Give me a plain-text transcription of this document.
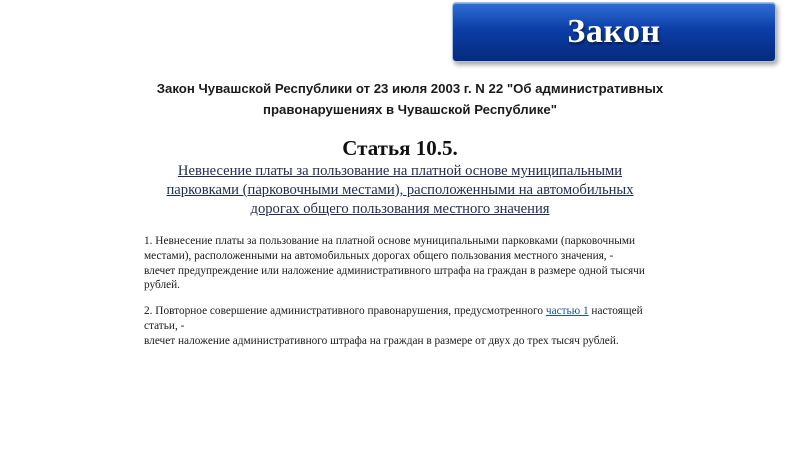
Закон
Закон Чувашской Республики от 23 июля 2003 г. N 22 "Об административных
правонарушениях в Чувашской Республике"
Статья 10.5.
Невнесение платы за пользование на платной основе муниципальными
парковками (парковочными местами), расположенными на автомобильных
дорогах общего пользования местного значения
1. Невнесение платы за пользование на платной основе муниципальными парковками (парковочными
местами), расположенными на автомобильных дорогах общего пользования местного значения, -
влечет предупреждение или наложение административного штрафа на граждан в размере одной тысячи
рублей.
2. Повторное совершение административного правонарушения, предусмотренного частью 1 настоящей
статьи, -
влечет наложение административного штрафа на граждан в размере от двух до трех тысяч рублей.
